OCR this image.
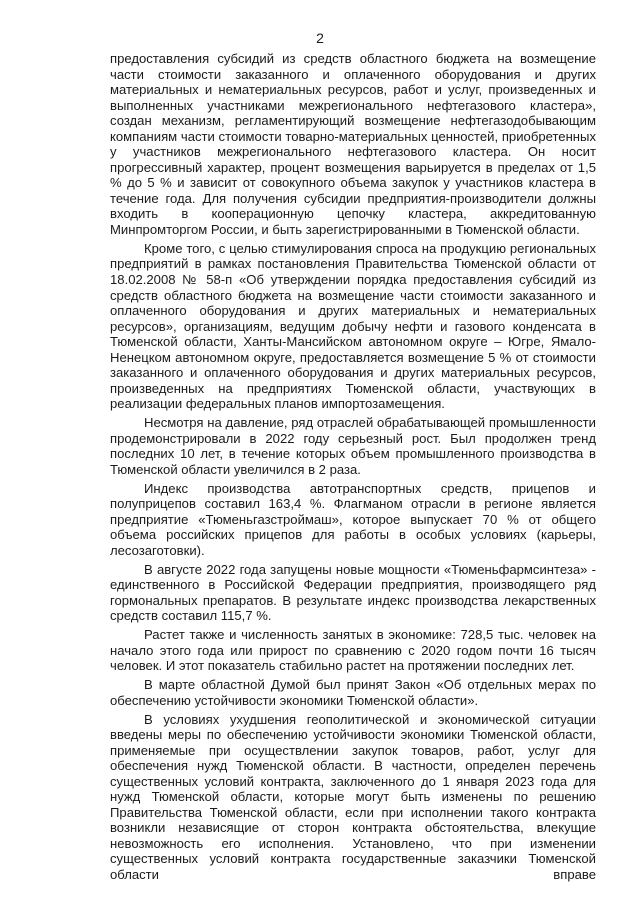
2

предоставления субсидий из средств областного бюджета на возмещение части стоимости заказанного и оплаченного оборудования и других материальных и нематериальных ресурсов, работ и услуг, произведенных и выполненных участниками межрегионального нефтегазового кластера», создан механизм, регламентирующий возмещение нефтегазодобывающим компаниям части стоимости товарно-материальных ценностей, приобретенных у участников межрегионального нефтегазового кластера. Он носит прогрессивный характер, процент возмещения варьируется в пределах от 1,5 % до 5 % и зависит от совокупного объема закупок у участников кластера в течение года. Для получения субсидии предприятия-производители должны входить в кооперационную цепочку кластера, аккредитованную Минпромторгом России, и быть зарегистрированными в Тюменской области.

Кроме того, с целью стимулирования спроса на продукцию региональных предприятий в рамках постановления Правительства Тюменской области от 18.02.2008 № 58-п «Об утверждении порядка предоставления субсидий из средств областного бюджета на возмещение части стоимости заказанного и оплаченного оборудования и других материальных и нематериальных ресурсов», организациям, ведущим добычу нефти и газового конденсата в Тюменской области, Ханты-Мансийском автономном округе – Югре, Ямало-Ненецком автономном округе, предоставляется возмещение 5 % от стоимости заказанного и оплаченного оборудования и других материальных ресурсов, произведенных на предприятиях Тюменской области, участвующих в реализации федеральных планов импортозамещения.

Несмотря на давление, ряд отраслей обрабатывающей промышленности продемонстрировали в 2022 году серьезный рост. Был продолжен тренд последних 10 лет, в течение которых объем промышленного производства в Тюменской области увеличился в 2 раза.

Индекс производства автотранспортных средств, прицепов и полуприцепов составил 163,4 %. Флагманом отрасли в регионе является предприятие «Тюменьгазстроймаш», которое выпускает 70 % от общего объема российских прицепов для работы в особых условиях (карьеры, лесозаготовки).

В августе 2022 года запущены новые мощности «Тюменьфармсинтеза» - единственного в Российской Федерации предприятия, производящего ряд гормональных препаратов. В результате индекс производства лекарственных средств составил 115,7 %.

Растет также и численность занятых в экономике: 728,5 тыс. человек на начало этого года или прирост по сравнению с 2020 годом почти 16 тысяч человек. И этот показатель стабильно растет на протяжении последних лет.

В марте областной Думой был принят Закон «Об отдельных мерах по обеспечению устойчивости экономики Тюменской области».

В условиях ухудшения геополитической и экономической ситуации введены меры по обеспечению устойчивости экономики Тюменской области, применяемые при осуществлении закупок товаров, работ, услуг для обеспечения нужд Тюменской области. В частности, определен перечень существенных условий контракта, заключенного до 1 января 2023 года для нужд Тюменской области, которые могут быть изменены по решению Правительства Тюменской области, если при исполнении такого контракта возникли независящие от сторон контракта обстоятельства, влекущие невозможность его исполнения. Установлено, что при изменении существенных условий контракта государственные заказчики Тюменской области вправе
